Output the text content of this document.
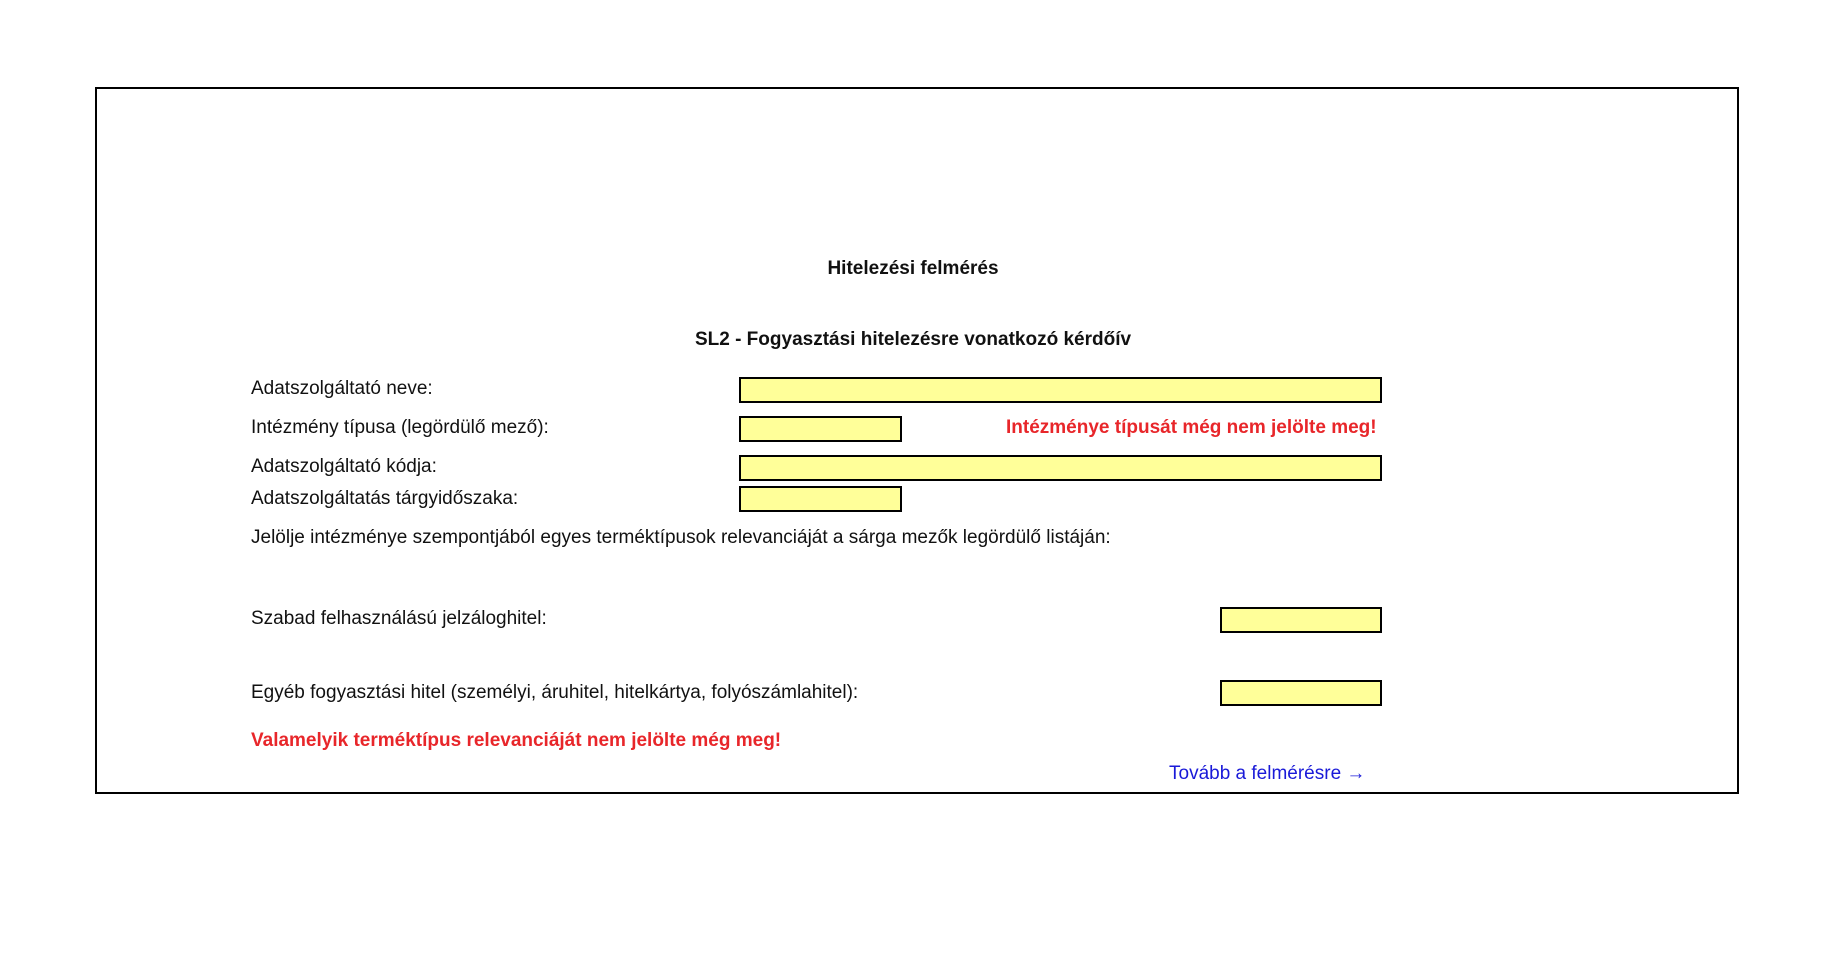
Hitelezési felmérés
SL2 - Fogyasztási hitelezésre vonatkozó kérdőív
Adatszolgáltató neve:
Intézmény típusa (legördülő mező):	Intézménye típusát még nem jelölte meg!
Adatszolgáltató kódja:
Adatszolgáltatás tárgyidőszaka:
Jelölje intézménye szempontjából egyes terméktípusok relevanciáját a sárga mezők legördülő listáján:
Szabad felhasználású jelzáloghitel:
Egyéb fogyasztási hitel (személyi, áruhitel, hitelkártya, folyószámlahitel):
Valamelyik terméktípus relevanciáját nem jelölte még meg!
Tovább a felmérésre →
